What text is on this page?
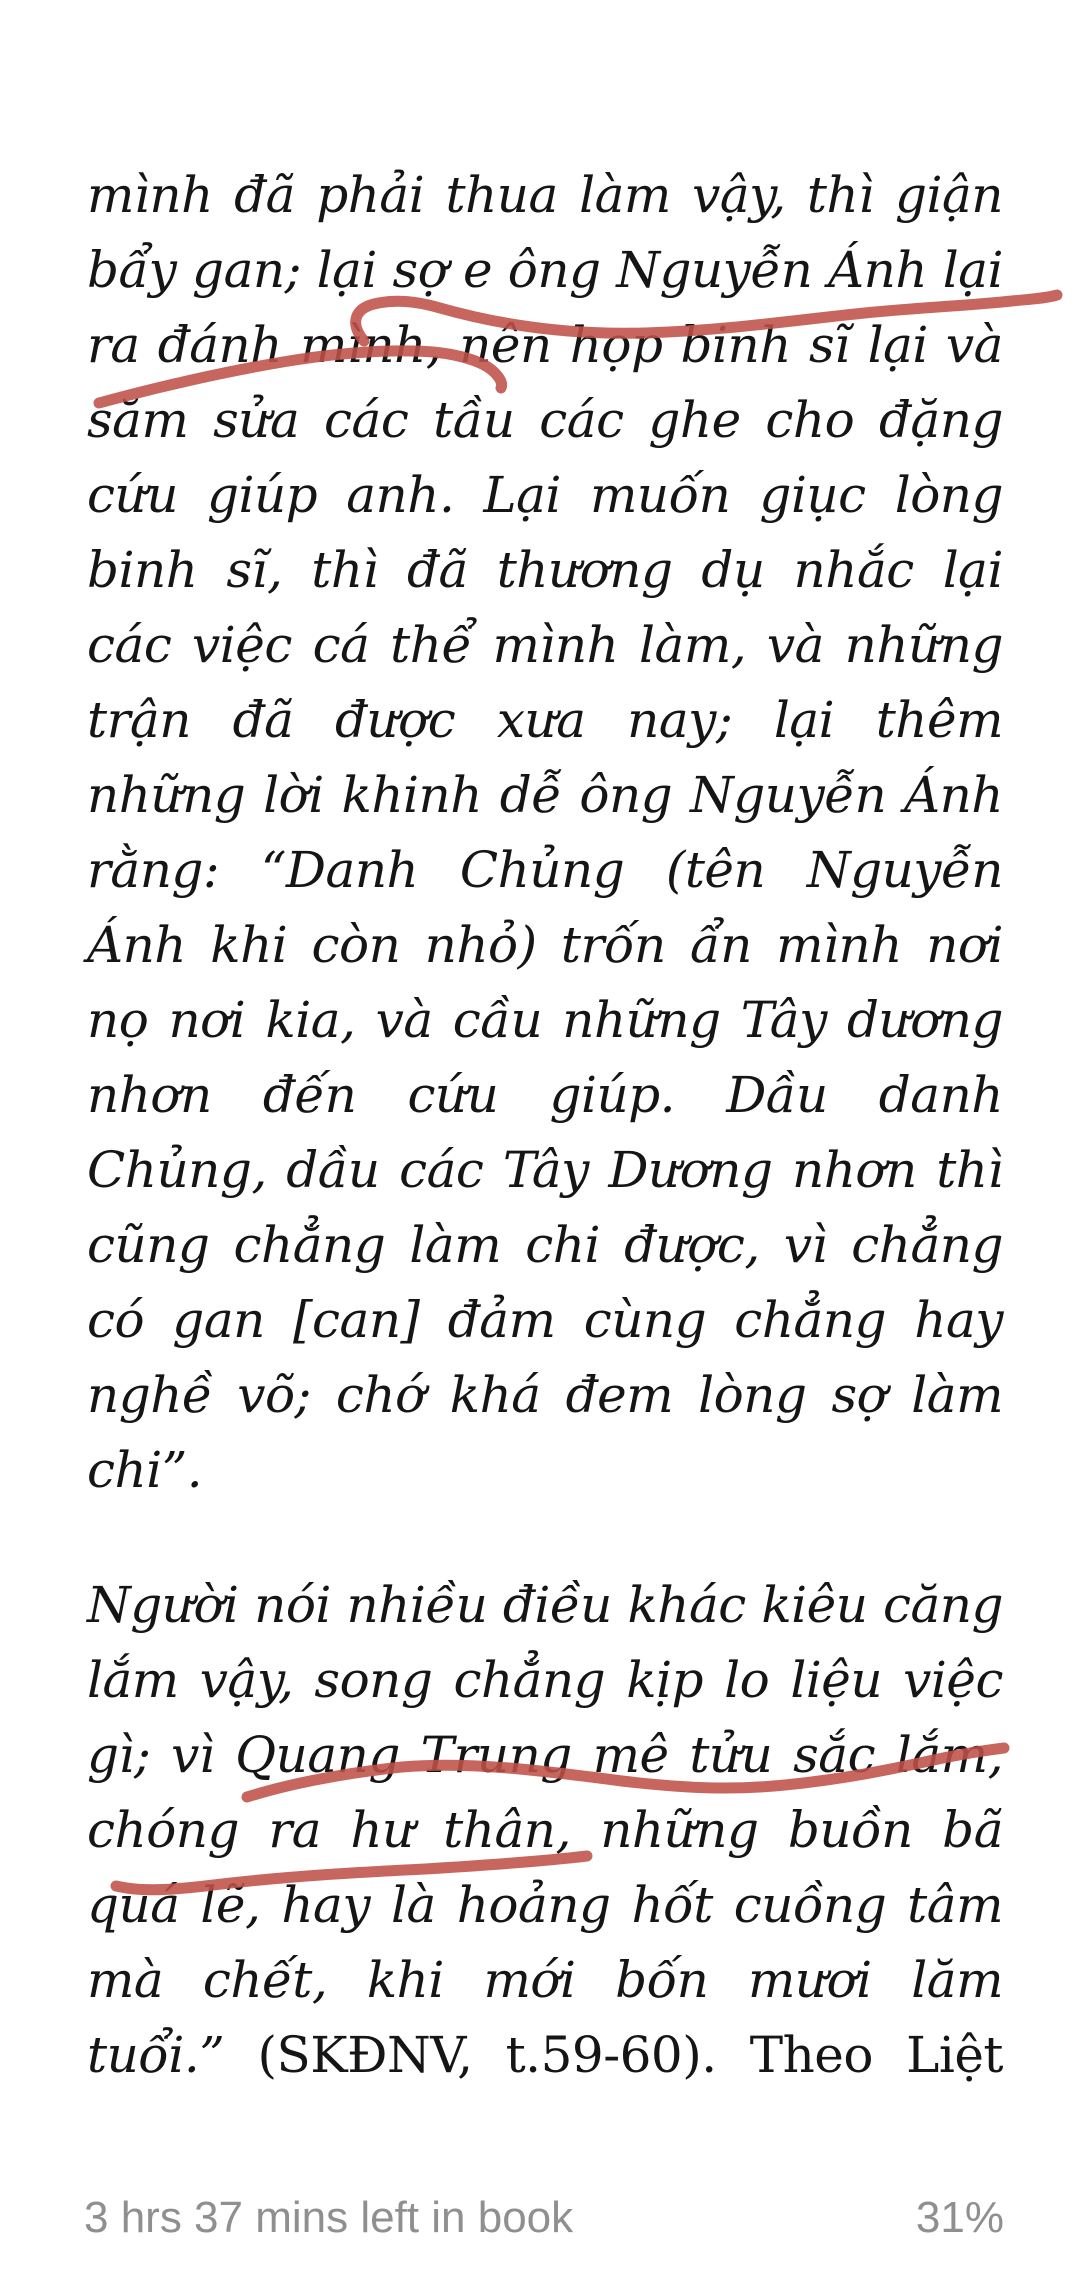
mình đã phải thua làm vậy, thì giận
bẩy gan; lại sợ e ông Nguyễn Ánh lại
ra đánh mình, nên họp binh sĩ lại và
săm sửa các tầu các ghe cho đặng
cứu giúp anh. Lại muốn giục lòng
binh sĩ, thì đã thương dụ nhắc lại
các việc cá thể mình làm, và những
trận đã được xưa nay; lại thêm
những lời khinh dễ ông Nguyễn Ánh
rằng: “Danh Chủng (tên Nguyễn
Ánh khi còn nhỏ) trốn ẩn mình nơi
nọ nơi kia, và cầu những Tây dương
nhơn đến cứu giúp. Dầu danh
Chủng, dầu các Tây Dương nhơn thì
cũng chẳng làm chi được, vì chẳng
có gan [can] đảm cùng chẳng hay
nghề võ; chớ khá đem lòng sợ làm
chi”.
Người nói nhiều điều khác kiêu căng
lắm vậy, song chẳng kịp lo liệu việc
gì; vì Quang Trung mê tửu sắc lắm,
chóng ra hư thân, những buồn bã
quá lẽ, hay là hoảng hốt cuồng tâm
mà chết, khi mới bốn mươi lăm
tuổi.” (SKĐNV, t.59-60). Theo Liệt
3 hrs 37 mins left in book	31%
